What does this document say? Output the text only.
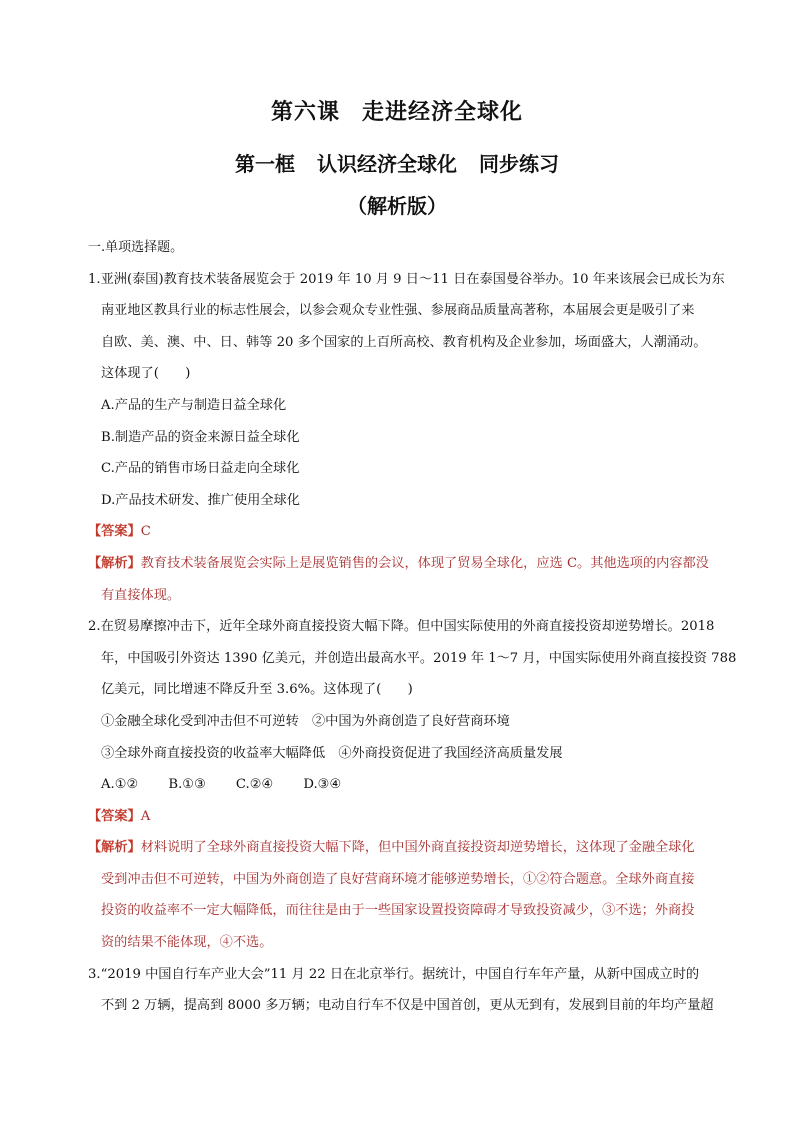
第六课 走进经济全球化
第一框 认识经济全球化 同步练习
（解析版）
一.单项选择题。
1.亚洲(泰国)教育技术装备展览会于 2019 年 10 月 9 日～11 日在泰国曼谷举办。10 年来该展会已成长为东
南亚地区教具行业的标志性展会，以参会观众专业性强、参展商品质量高著称，本届展会更是吸引了来
自欧、美、澳、中、日、韩等 20 多个国家的上百所高校、教育机构及企业参加，场面盛大，人潮涌动。
这体现了(　　)
A.产品的生产与制造日益全球化
B.制造产品的资金来源日益全球化
C.产品的销售市场日益走向全球化
D.产品技术研发、推广使用全球化
【答案】C
【解析】教育技术装备展览会实际上是展览销售的会议，体现了贸易全球化，应选 C。其他选项的内容都没
有直接体现。
2.在贸易摩擦冲击下，近年全球外商直接投资大幅下降。但中国实际使用的外商直接投资却逆势增长。2018
年，中国吸引外资达 1390 亿美元，并创造出最高水平。2019 年 1～7 月，中国实际使用外商直接投资 788
亿美元，同比增速不降反升至 3.6%。这体现了(　　)
①金融全球化受到冲击但不可逆转　②中国为外商创造了良好营商环境
③全球外商直接投资的收益率大幅降低　④外商投资促进了我国经济高质量发展
A.①② B.①③ C.②④ D.③④
【答案】A
【解析】材料说明了全球外商直接投资大幅下降，但中国外商直接投资却逆势增长，这体现了金融全球化
受到冲击但不可逆转，中国为外商创造了良好营商环境才能够逆势增长，①②符合题意。全球外商直接
投资的收益率不一定大幅降低，而往往是由于一些国家设置投资障碍才导致投资减少，③不选；外商投
资的结果不能体现，④不选。
3.“2019 中国自行车产业大会”11 月 22 日在北京举行。据统计，中国自行车年产量，从新中国成立时的
不到 2 万辆，提高到 8000 多万辆；电动自行车不仅是中国首创，更从无到有，发展到目前的年均产量超
